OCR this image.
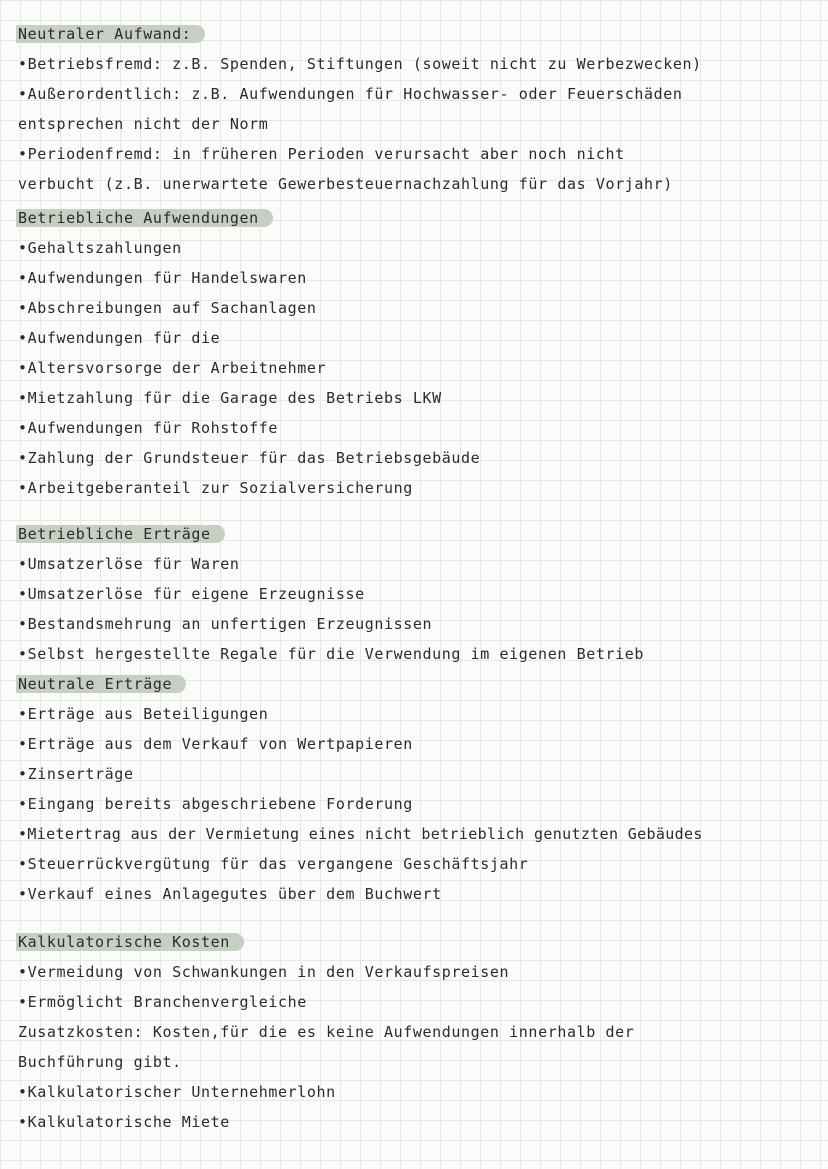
Neutraler Aufwand:
•Betriebsfremd: z.B. Spenden, Stiftungen (soweit nicht zu Werbezwecken)
•Außerordentlich: z.B. Aufwendungen für Hochwasser- oder Feuerschäden
entsprechen nicht der Norm
•Periodenfremd: in früheren Perioden verursacht aber noch nicht
verbucht (z.B. unerwartete Gewerbesteuernachzahlung für das Vorjahr)
Betriebliche Aufwendungen
•Gehaltszahlungen
•Aufwendungen für Handelswaren
•Abschreibungen auf Sachanlagen
•Aufwendungen für die
•Altersvorsorge der Arbeitnehmer
•Mietzahlung für die Garage des Betriebs LKW
•Aufwendungen für Rohstoffe
•Zahlung der Grundsteuer für das Betriebsgebäude
•Arbeitgeberanteil zur Sozialversicherung
Betriebliche Erträge
•Umsatzerlöse für Waren
•Umsatzerlöse für eigene Erzeugnisse
•Bestandsmehrung an unfertigen Erzeugnissen
•Selbst hergestellte Regale für die Verwendung im eigenen Betrieb
Neutrale Erträge
•Erträge aus Beteiligungen
•Erträge aus dem Verkauf von Wertpapieren
•Zinserträge
•Eingang bereits abgeschriebene Forderung
•Mietertrag aus der Vermietung eines nicht betrieblich genutzten Gebäudes
•Steuerrückvergütung für das vergangene Geschäftsjahr
•Verkauf eines Anlagegutes über dem Buchwert
Kalkulatorische Kosten
•Vermeidung von Schwankungen in den Verkaufspreisen
•Ermöglicht Branchenvergleiche
Zusatzkosten: Kosten,für die es keine Aufwendungen innerhalb der
Buchführung gibt.
•Kalkulatorischer Unternehmerlohn
•Kalkulatorische Miete
